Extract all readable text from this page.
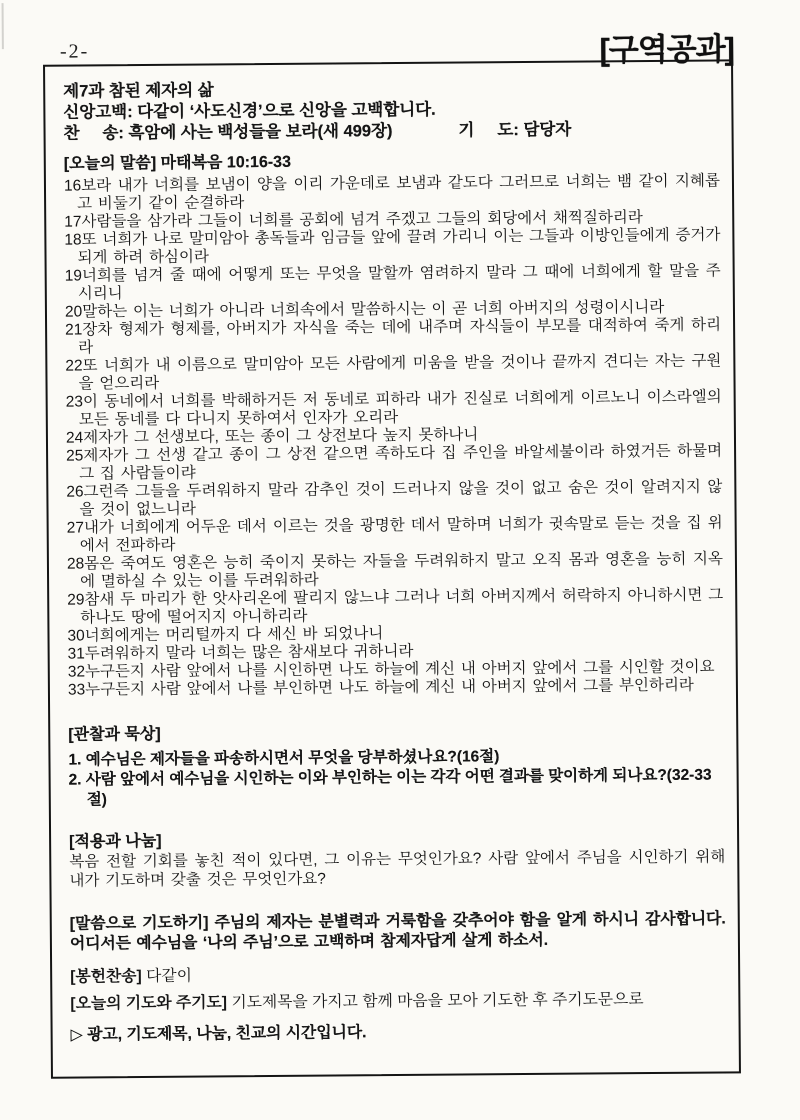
-2-	[구역공과]
제7과 참된 제자의 삶
신앙고백: 다같이 ‘사도신경’으로 신앙을 고백합니다.
찬     송: 흑암에 사는 백성들을 보라(새 499장)	기     도: 담당자
[오늘의 말씀] 마태복음 10:16-33
16보라 내가 너희를 보냄이 양을 이리 가운데로 보냄과 같도다 그러므로 너희는 뱀 같이 지혜롭고 비둘기 같이 순결하라
17사람들을 삼가라 그들이 너희를 공회에 넘겨 주겠고 그들의 회당에서 채찍질하리라
18또 너희가 나로 말미암아 총독들과 임금들 앞에 끌려 가리니 이는 그들과 이방인들에게 증거가 되게 하려 하심이라
19너희를 넘겨 줄 때에 어떻게 또는 무엇을 말할까 염려하지 말라 그 때에 너희에게 할 말을 주시리니
20말하는 이는 너희가 아니라 너희속에서 말씀하시는 이 곧 너희 아버지의 성령이시니라
21장차 형제가 형제를, 아버지가 자식을 죽는 데에 내주며 자식들이 부모를 대적하여 죽게 하리라
22또 너희가 내 이름으로 말미암아 모든 사람에게 미움을 받을 것이나 끝까지 견디는 자는 구원을 얻으리라
23이 동네에서 너희를 박해하거든 저 동네로 피하라 내가 진실로 너희에게 이르노니 이스라엘의 모든 동네를 다 다니지 못하여서 인자가 오리라
24제자가 그 선생보다, 또는 종이 그 상전보다 높지 못하나니
25제자가 그 선생 같고 종이 그 상전 같으면 족하도다 집 주인을 바알세불이라 하였거든 하물며 그 집 사람들이랴
26그런즉 그들을 두려워하지 말라 감추인 것이 드러나지 않을 것이 없고 숨은 것이 알려지지 않을 것이 없느니라
27내가 너희에게 어두운 데서 이르는 것을 광명한 데서 말하며 너희가 귓속말로 듣는 것을 집 위에서 전파하라
28몸은 죽여도 영혼은 능히 죽이지 못하는 자들을 두려워하지 말고 오직 몸과 영혼을 능히 지옥에 멸하실 수 있는 이를 두려워하라
29참새 두 마리가 한 앗사리온에 팔리지 않느냐 그러나 너희 아버지께서 허락하지 아니하시면 그 하나도 땅에 떨어지지 아니하리라
30너희에게는 머리털까지 다 세신 바 되었나니
31두려워하지 말라 너희는 많은 참새보다 귀하니라
32누구든지 사람 앞에서 나를 시인하면 나도 하늘에 계신 내 아버지 앞에서 그를 시인할 것이요
33누구든지 사람 앞에서 나를 부인하면 나도 하늘에 계신 내 아버지 앞에서 그를 부인하리라
[관찰과 묵상]
1. 예수님은 제자들을 파송하시면서 무엇을 당부하셨나요?(16절)
2. 사람 앞에서 예수님을 시인하는 이와 부인하는 이는 각각 어떤 결과를 맞이하게 되나요?(32-33절)
[적용과 나눔]
복음 전할 기회를 놓친 적이 있다면, 그 이유는 무엇인가요? 사람 앞에서 주님을 시인하기 위해 내가 기도하며 갖출 것은 무엇인가요?
[말씀으로 기도하기] 주님의 제자는 분별력과 거룩함을 갖추어야 함을 알게 하시니 감사합니다. 어디서든 예수님을 ‘나의 주님’으로 고백하며 참제자답게 살게 하소서.
[봉헌찬송] 다같이
[오늘의 기도와 주기도] 기도제목을 가지고 함께 마음을 모아 기도한 후 주기도문으로
▷ 광고, 기도제목, 나눔, 친교의 시간입니다.
